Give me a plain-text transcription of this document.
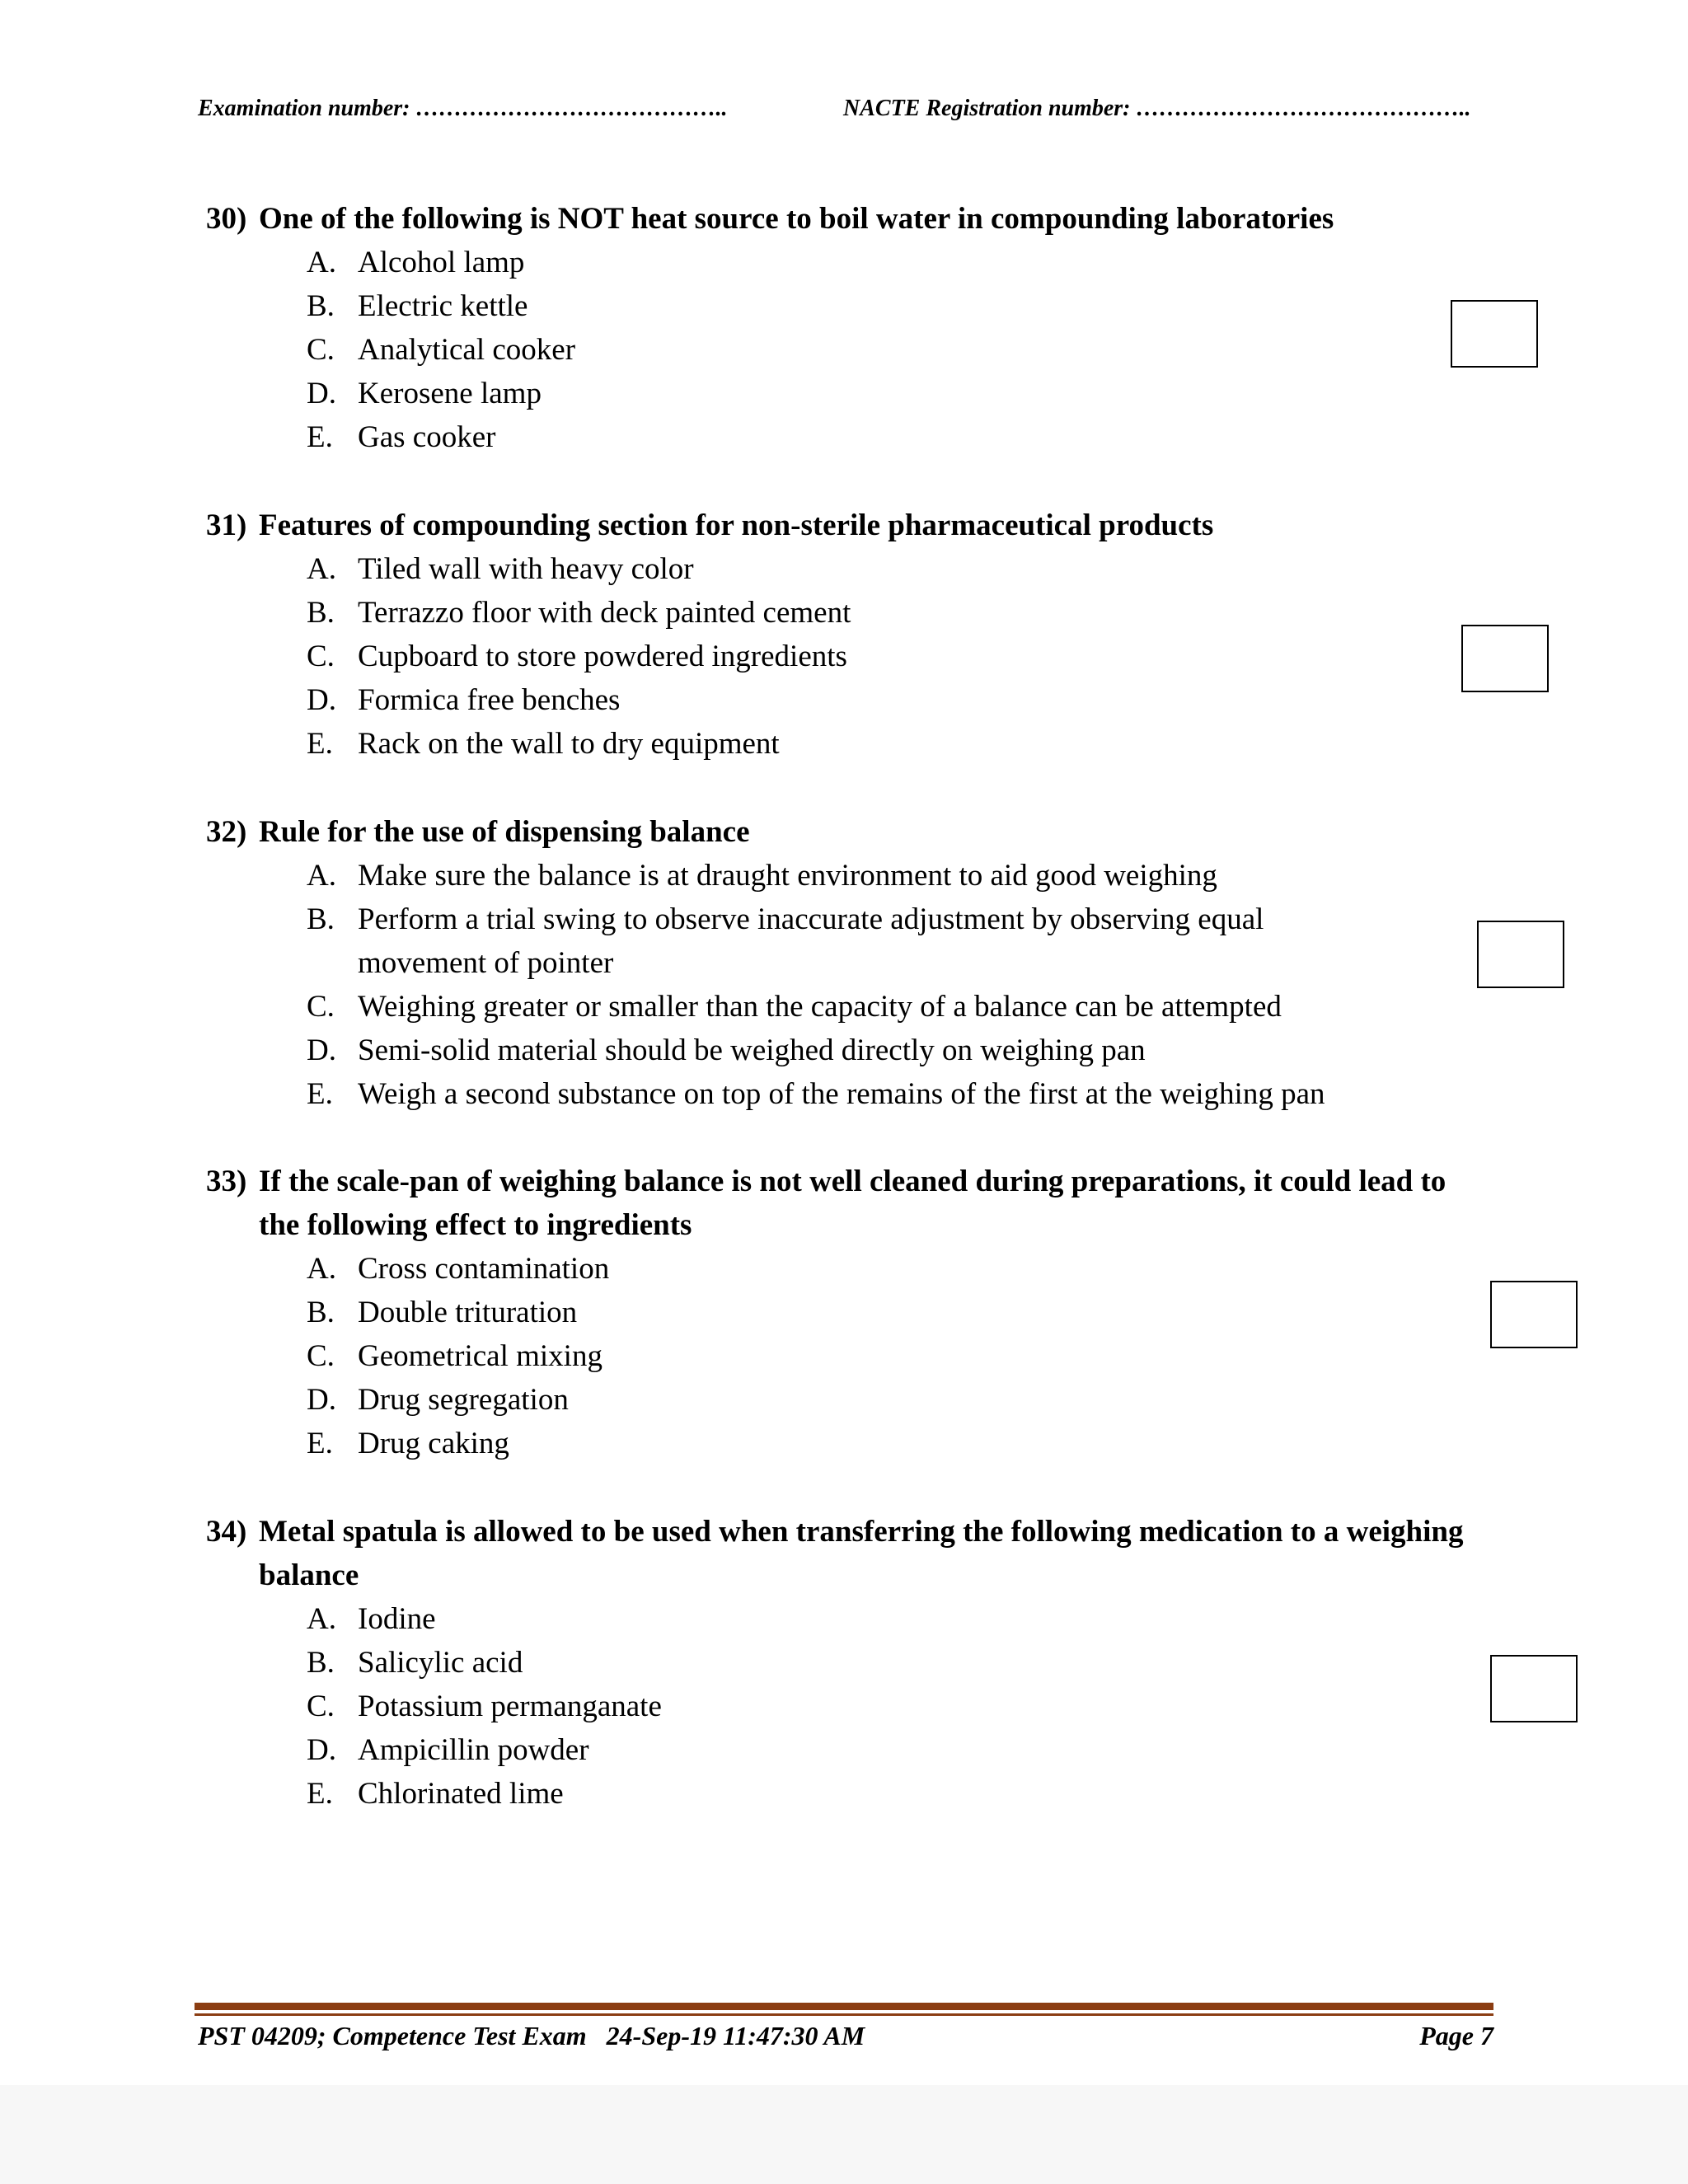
Examination number: …………………………………..	NACTE Registration number: ……………………………………..
30) One of the following is NOT heat source to boil water in compounding laboratories
A. Alcohol lamp
B. Electric kettle
C. Analytical cooker
D. Kerosene lamp
E. Gas cooker
31) Features of compounding section for non-sterile pharmaceutical products
A. Tiled wall with heavy color
B. Terrazzo floor with deck painted cement
C. Cupboard to store powdered ingredients
D. Formica free benches
E. Rack on the wall to dry equipment
32) Rule for the use of dispensing balance
A. Make sure the balance is at draught environment to aid good weighing
B. Perform a trial swing to observe inaccurate adjustment by observing equal movement of pointer
C. Weighing greater or smaller than the capacity of a balance can be attempted
D. Semi-solid material should be weighed directly on weighing pan
E. Weigh a second substance on top of the remains of the first at the weighing pan
33) If the scale-pan of weighing balance is not well cleaned during preparations, it could lead to the following effect to ingredients
A. Cross contamination
B. Double trituration
C. Geometrical mixing
D. Drug segregation
E. Drug caking
34) Metal spatula is allowed to be used when transferring the following medication to a weighing balance
A. Iodine
B. Salicylic acid
C. Potassium permanganate
D. Ampicillin powder
E. Chlorinated lime
PST 04209; Competence Test Exam   24-Sep-19 11:47:30 AM	Page 7
